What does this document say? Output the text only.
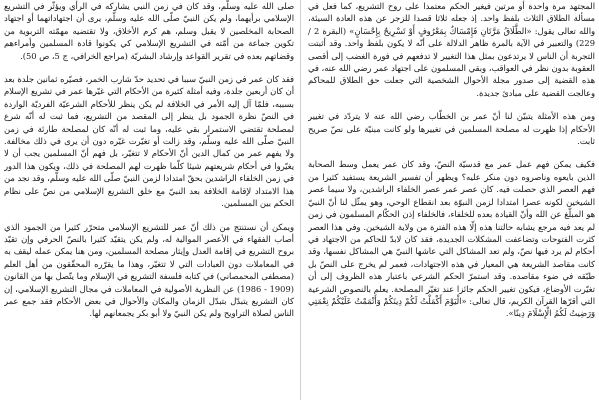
المجتهد مرة واحدة أو مرتين فيغير الحكم معتمدا على روح التشريع، كما فعل في مسألة الطلاق الثلاث بلفظ واحد. إذ جعله ثلاثا قصدا للزجر عن هذه العادة السيئة، والله تعالى يقول: «الطَّلَاقُ مَرَّتَانِ فَإِمْسَاكٌ بِمَعْرُوفٍ أَوْ تَسْرِيحٌ بِإِحْسَانٍ» (البقرة 2 / 229) والتعبير في الآية بالمرة ظاهر الدلالة على أنّه لا يكون بلفظ واحد. وقد أثبتت التجربة أن الناس لا يرتدعون بمثل هذا التغيير لا تدفعهم في فورة الغضب إلى أقصى العقوبة بدون نظر في العواقب، وبقي المسلمون على اجتهاد عمر رضي الله عنه، في هذه القضية إلى صدور مجلة الأحوال الشخصية التي جعلت حق الطلاق للمحاكم وعالجت القضية على مبادئ جديدة.

ومن هذه الأمثلة يتبيّن لنا أنّ عمر بن الخطّاب رضي الله عنه لا يتردّد في تغيير الأحكام إذا ظهرت له مصلحة المسلمين في تغييرها ولو كانت مبنيّة على نصّ صريح ثابت.

فكيف يمكن فهم عمل عمر مع قدسيّة النصّ، وقد كان عمر يعمل وسط الصحابة الذين بايعوه وناصروه دون منكر عليه؟ ويظهر أن تفسير الشريعة يستفيد كثيرا من فهم العصر الذي حصلت فيه. كان عصر عمر عصر الخلفاء الراشدين، ولا سيما عصر الشيخين لكونه عصرا امتدادا لزمن النبوّة بعد انقطاع الوحي، وهو يمثّل لنا أنّ النبيّ هو المبلّغ عن الله وأنّ القيادة بعده للخلفاء، فالخلفاء إذن الحكّام المسلمون في زمن لم يعد فيه مرجع يشابه حالتنا هذه إلّا هذه الفترة من ولاية الشيخين. وفي هذا العصر كثرت الفتوحات وتضاعفت المشكلات الجديدة، فقد كان لابدّ للحاكم من الاجتهاد في أحكام لم يرد فيها نصّ، ولم تعد المشاكل التي عاشها النبيّ هي المشاكل نفسها، وقد كانت مقاصد الشريعة هي المعيار في هذه الاجتهادات، فعمر لم يخرج على النصّ بل طبّقه في ضوء مقاصده. وقد استمرّ الحكم الشرعي باعتبار هذه الظروف إلى أن تغيّرت الأوضاع، فيكون تغيير الحكم جائزا عند تغيّر المصلحة. يعلم بالنصوص الشرعية التي أقرّها القرآن الكريم، قال تعالى: «الْيَوْمَ أَكْمَلْتُ لَكُمْ دِينَكُمْ وَأَتْمَمْتُ عَلَيْكُمْ نِعْمَتِي وَرَضِيتُ لَكُمُ الْإِسْلَامَ دِينًا».

صلى الله عليه وسلّم، وقد كان في زمن النبي يشاركه في الرأي ويؤثّر في التشريع الإسلامي برأيهما، ولم يكن النبيّ صلّى الله عليه وسلّم، يرى أن اجتهاداتهما أو اجتهاد الصحابة المخلصين لا يقبل وسلم، هم كرم الأخلاق، ولا تقتضيه مهمّته التربوية من تكوين جماعة من أمّته في التشريع الإسلامي كي يكونوا قادة المسلمين وأمراءهم وقضاتهم بعده في تقرير القواعد وإرشاد البشريّة (مراجع الخرافي، ج 5، ص 50).

فقد كان عمر في زمن النبيّ سببا في تحديد حدّ شارب الخمر، فصيّره ثمانين جلدة بعد أن كان أربعين جلدة، وفيه أمثلة كثيرة من الأحكام التي غيّرها عمر في تشريع الإسلام بسببه، فلمّا آل إليه الأمر في الخلافة لم يكن ينظر للأحكام الشرعيّة الفرديّة الواردة في النصّ نظرة الجمود بل ينظر إلى المقصد من التشريع، فما ثبت له أنّه شرع لمصلحة تقتضي الاستمرار بقي عليه، وما ثبت له أنّه كان لمصلحة طارئة في زمن النبيّ صلّى الله عليه وسلّم، وقد زالت أو تغيّرت غيّره دون أن يرى في ذلك مخالفة. ولا يفهم عمر من كمال الدين أنّ الأحكام لا تتغيّر، بل فهم أنّ المسلمين يجب أن لا يغيّروا في أحكام شريعتهم شيئا كلّما ظهرت لهم المصلحة في ذلك، ويكون هذا الدور في زمن الخلفاء الراشدين بحقّ امتدادا لزمن النبيّ صلّى الله عليه وسلّم، وقد نجد من هذا الامتداد لإقامة الخلافة بعد النبيّ مع خلق التشريع الإسلامي من نصّ على نظام الحكم بين المسلمين.

ويمكن أن نستنتج من ذلك أنّ عمر للتشريع الإسلامي متحرّر كثيرا من الجمود الذي أصاب الفقهاء في الأعصر الموالية له، ولم يكن يتقيّد كثيرا بالنصّ الحرفي وإن تقيّد بروح التشريع في إقامة العدل وإيثار مصلحة المسلمين، ومن هنا يمكن عمله ليقف به في المعاملات دون العبادات التي لا تتغيّر، وهذا ما يقرّره المحقّقون من أهل العلم (مصطفى المحمصاني) في كتابه فلسفة التشريع في الإسلام وما يتّصل بها من القانون (1909 - 1986) عن النظرية الأصولية في المعاملات في مجال التشريع الإسلامي، إن كان التشريع يتبدّل بتبدّل الزمان والمكان والأحوال في بعض الأحكام فقد جمع عمر الناس لصلاة التراويح ولم يكن النبيّ ولا أبو بكر يجمعانهم لها.
